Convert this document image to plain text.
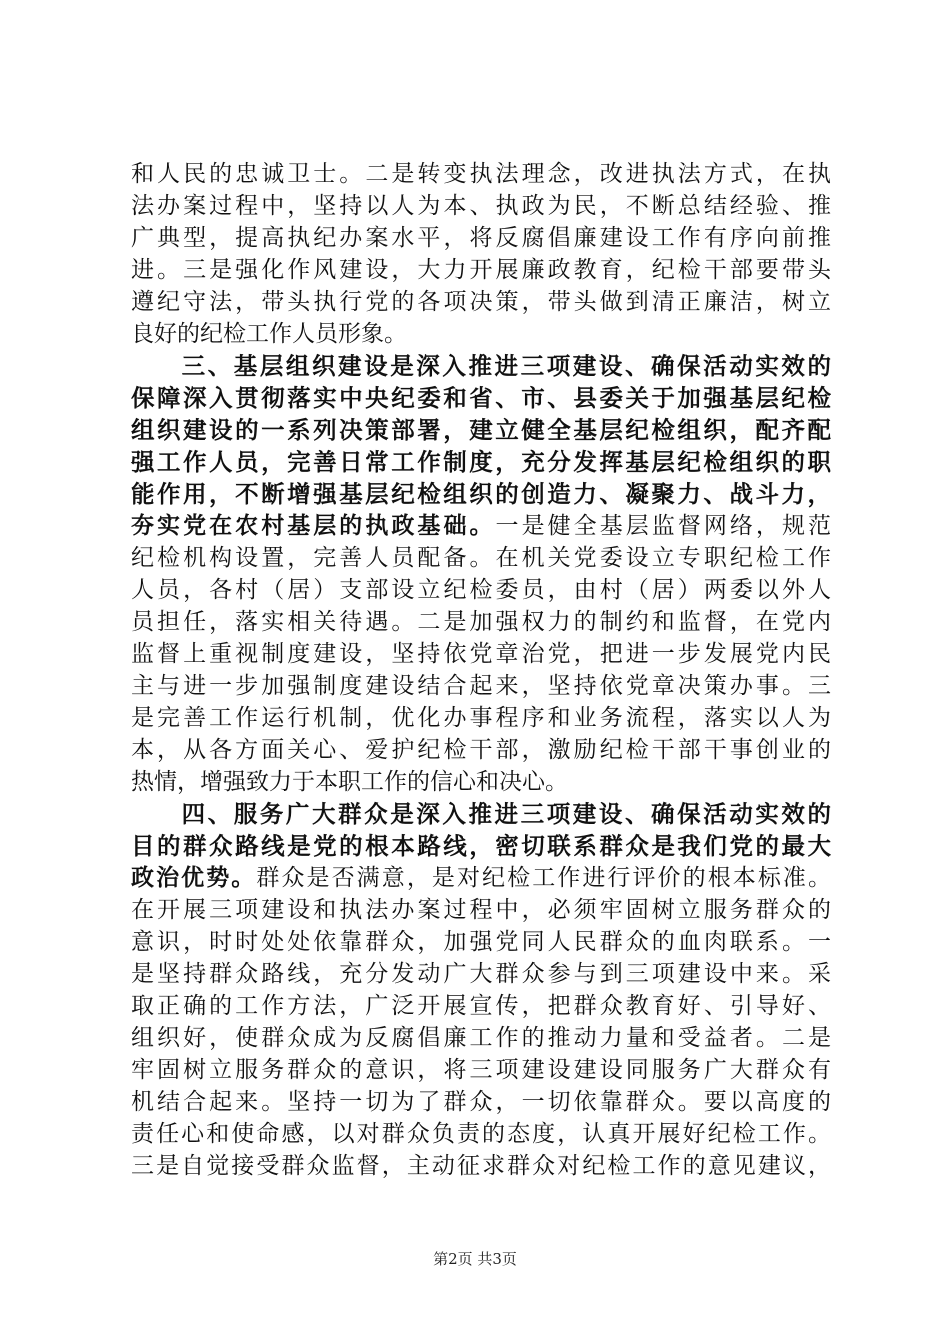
和人民的忠诚卫士。二是转变执法理念，改进执法方式，在执
法办案过程中，坚持以人为本、执政为民，不断总结经验、推
广典型，提高执纪办案水平，将反腐倡廉建设工作有序向前推
进。三是强化作风建设，大力开展廉政教育，纪检干部要带头
遵纪守法，带头执行党的各项决策，带头做到清正廉洁，树立
良好的纪检工作人员形象。
三、基层组织建设是深入推进三项建设、确保活动实效的
保障深入贯彻落实中央纪委和省、市、县委关于加强基层纪检
组织建设的一系列决策部署，建立健全基层纪检组织，配齐配
强工作人员，完善日常工作制度，充分发挥基层纪检组织的职
能作用，不断增强基层纪检组织的创造力、凝聚力、战斗力，
夯实党在农村基层的执政基础。一是健全基层监督网络，规范
纪检机构设置，完善人员配备。在机关党委设立专职纪检工作
人员，各村（居）支部设立纪检委员，由村（居）两委以外人
员担任，落实相关待遇。二是加强权力的制约和监督，在党内
监督上重视制度建设，坚持依党章治党，把进一步发展党内民
主与进一步加强制度建设结合起来，坚持依党章决策办事。三
是完善工作运行机制，优化办事程序和业务流程，落实以人为
本，从各方面关心、爱护纪检干部，激励纪检干部干事创业的
热情，增强致力于本职工作的信心和决心。
四、服务广大群众是深入推进三项建设、确保活动实效的
目的群众路线是党的根本路线，密切联系群众是我们党的最大
政治优势。群众是否满意，是对纪检工作进行评价的根本标准。
在开展三项建设和执法办案过程中，必须牢固树立服务群众的
意识，时时处处依靠群众，加强党同人民群众的血肉联系。一
是坚持群众路线，充分发动广大群众参与到三项建设中来。采
取正确的工作方法，广泛开展宣传，把群众教育好、引导好、
组织好，使群众成为反腐倡廉工作的推动力量和受益者。二是
牢固树立服务群众的意识，将三项建设建设同服务广大群众有
机结合起来。坚持一切为了群众，一切依靠群众。要以高度的
责任心和使命感，以对群众负责的态度，认真开展好纪检工作。
三是自觉接受群众监督，主动征求群众对纪检工作的意见建议，
第2页 共3页
